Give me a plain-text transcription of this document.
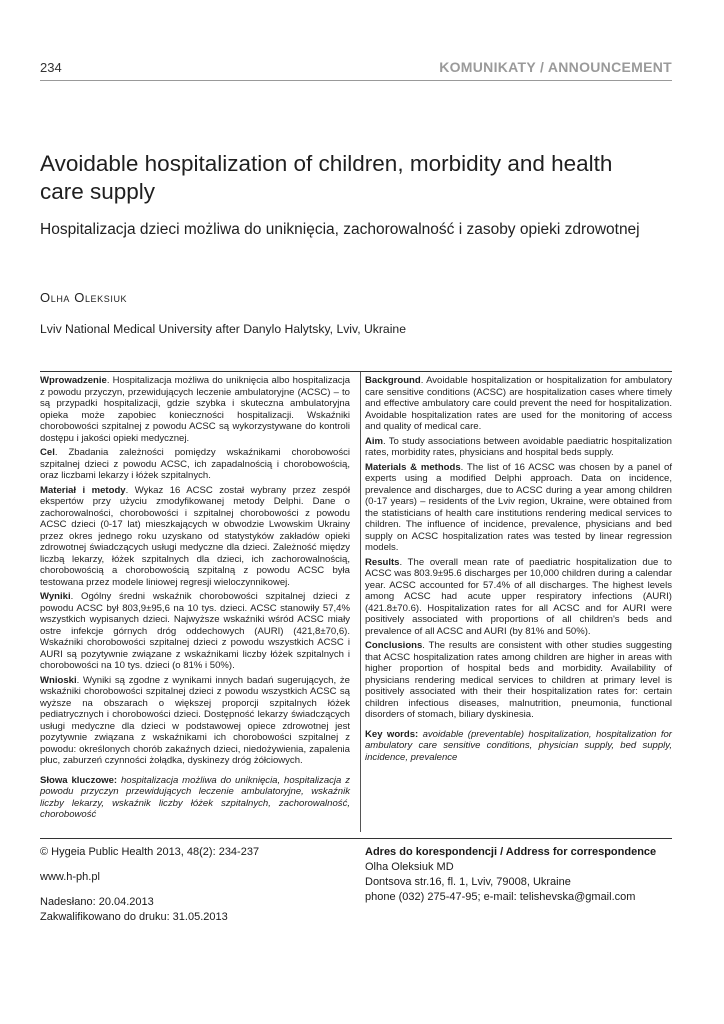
234	KOMUNIKATY / ANNOUNCEMENT
Avoidable hospitalization of children, morbidity and health care supply
Hospitalizacja dzieci możliwa do uniknięcia, zachorowalność i zasoby opieki zdrowotnej
Olha Oleksiuk
Lviv National Medical University after Danylo Halytsky, Lviv, Ukraine

Wprowadzenie. Hospitalizacja możliwa do uniknięcia albo hospitalizacja z powodu przyczyn, przewidujących leczenie ambulatoryjne (ACSC) – to są przypadki hospitalizacji, gdzie szybka i skuteczna ambulatoryjna opieka może zapobiec konieczności hospitalizacji. Wskaźniki chorobowości szpitalnej z powodu ACSC są wykorzystywane do kontroli dostępu i jakości opieki medycznej.

Cel. Zbadania zależności pomiędzy wskaźnikami chorobowości szpitalnej dzieci z powodu ACSC, ich zapadalnością i chorobowością, oraz liczbami lekarzy i łóżek szpitalnych.

Materiał i metody. Wykaz 16 ACSC został wybrany przez zespół ekspertów przy użyciu zmodyfikowanej metody Delphi. Dane o zachorowalności, chorobowości i szpitalnej chorobowości z powodu ACSC dzieci (0-17 lat) mieszkających w obwodzie Lwowskim Ukrainy przez okres jednego roku uzyskano od statystyków zakładów opieki zdrowotnej świadczących usługi medyczne dla dzieci. Zależność między liczbą lekarzy, łóżek szpitalnych dla dzieci, ich zachorowalnością, chorobowością a chorobowością szpitalną z powodu ACSC była testowana przez modele liniowej regresji wieloczynnikowej.

Wyniki. Ogólny średni wskaźnik chorobowości szpitalnej dzieci z powodu ACSC był 803,9±95,6 na 10 tys. dzieci. ACSC stanowiły 57,4% wszystkich wypisanych dzieci. Najwyższe wskaźniki wśród ACSC miały ostre infekcje górnych dróg oddechowych (AURI) (421,8±70,6). Wskaźniki chorobowości szpitalnej dzieci z powodu wszystkich ACSC i AURI są pozytywnie związane z wskaźnikami liczby łóżek szpitalnych i chorobowości na 10 tys. dzieci (o 81% i 50%).

Wnioski. Wyniki są zgodne z wynikami innych badań sugerujących, że wskaźniki chorobowości szpitalnej dzieci z powodu wszystkich ACSC są wyższe na obszarach o większej proporcji szpitalnych łóżek pediatrycznych i chorobowości dzieci. Dostępność lekarzy świadczących usługi medyczne dla dzieci w podstawowej opiece zdrowotnej jest pozytywnie związana z wskaźnikami ich chorobowości szpitalnej z powodu: określonych chorób zakaźnych dzieci, niedożywienia, zapalenia płuc, zaburzeń czynności żołądka, dyskinezy dróg żółciowych.

Słowa kluczowe: hospitalizacja możliwa do uniknięcia, hospitalizacja z powodu przyczyn przewidujących leczenie ambulatoryjne, wskaźnik liczby lekarzy, wskaźnik liczby łóżek szpitalnych, zachorowalność, chorobowość

Background. Avoidable hospitalization or hospitalization for ambulatory care sensitive conditions (ACSC) are hospitalization cases where timely and effective ambulatory care could prevent the need for hospitalization. Avoidable hospitalization rates are used for the monitoring of access and quality of medical care.

Aim. To study associations between avoidable paediatric hospitalization rates, morbidity rates, physicians and hospital beds supply.

Materials & methods. The list of 16 ACSC was chosen by a panel of experts using a modified Delphi approach. Data on incidence, prevalence and discharges, due to ACSC during a year among children (0-17 years) – residents of the Lviv region, Ukraine, were obtained from the statisticians of health care institutions rendering medical services to children. The influence of incidence, prevalence, physicians and bed supply on ACSC hospitalization rates was tested by linear regression models.

Results. The overall mean rate of paediatric hospitalization due to ACSC was 803.9±95.6 discharges per 10,000 children during a calendar year. ACSC accounted for 57.4% of all discharges. The highest levels among ACSC had acute upper respiratory infections (AURI) (421.8±70.6). Hospitalization rates for all ACSC and for AURI were positively associated with proportions of all children's beds and prevalence of all ACSC and AURI (by 81% and 50%).

Conclusions. The results are consistent with other studies suggesting that ACSC hospitalization rates among children are higher in areas with higher proportion of hospital beds and morbidity. Availability of physicians rendering medical services to children at primary level is positively associated with their their hospitalization rates for: certain children infectious diseases, malnutrition, pneumonia, functional disorders of stomach, biliary dyskinesia.

Key words: avoidable (preventable) hospitalization, hospitalization for ambulatory care sensitive conditions, physician supply, bed supply, incidence, prevalence

© Hygeia Public Health 2013, 48(2): 234-237
www.h-ph.pl
Nadesłano: 20.04.2013
Zakwalifikowano do druku: 31.05.2013
Adres do korespondencji / Address for correspondence
Olha Oleksiuk MD
Dontsova str.16, fl. 1, Lviv, 79008, Ukraine
phone (032) 275-47-95; e-mail: telishevska@gmail.com
